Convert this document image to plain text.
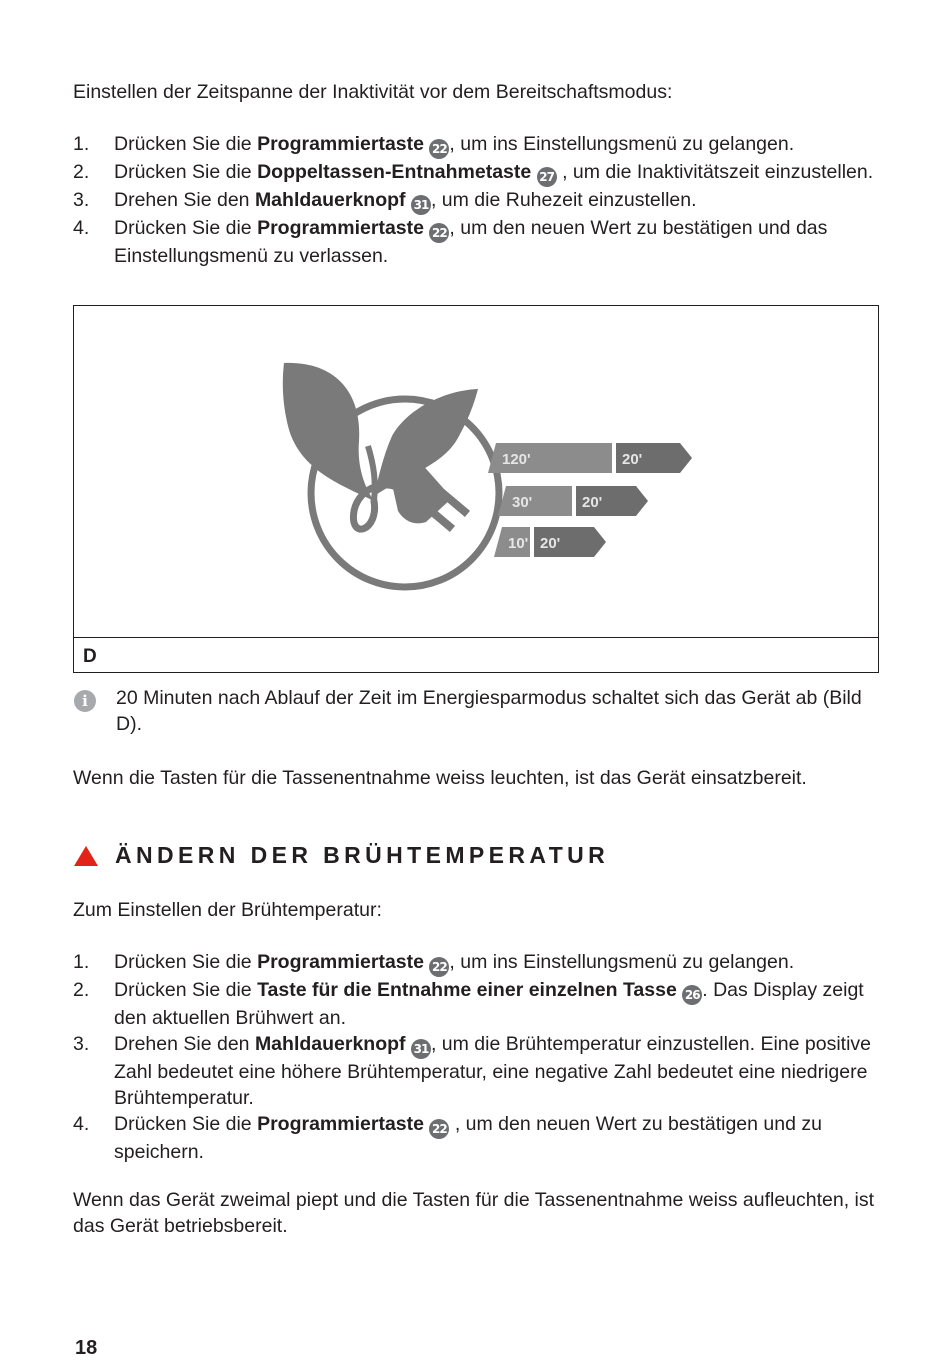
Einstellen der Zeitspanne der Inaktivität vor dem Bereitschaftsmodus:

1. Drücken Sie die Programmiertaste 22 , um ins Einstellungsmenü zu gelangen.
2. Drücken Sie die Doppeltassen-Entnahmetaste 27 , um die Inaktivitätszeit einzustellen.
3. Drehen Sie den Mahldauerknopf 31 , um die Ruhezeit einzustellen.
4. Drücken Sie die Programmiertaste 22 , um den neuen Wert zu bestätigen und das Einstellungsmenü zu verlassen.
120'	20'
30'	20'
10' 20'
D
i	20 Minuten nach Ablauf der Zeit im Energiesparmodus schaltet sich das Gerät ab (Bild D).

Wenn die Tasten für die Tassenentnahme weiss leuchten, ist das Gerät einsatzbereit.

ÄNDERN DER BRÜHTEMPERATUR

Zum Einstellen der Brühtemperatur:

1. Drücken Sie die Programmiertaste 22 , um ins Einstellungsmenü zu gelangen.
2. Drücken Sie die Taste für die Entnahme einer einzelnen Tasse 26 . Das Display zeigt den aktuellen Brühwert an.
3. Drehen Sie den Mahldauerknopf 31 , um die Brühtemperatur einzustellen. Eine positive Zahl bedeutet eine höhere Brühtemperatur, eine negative Zahl bedeutet eine niedrigere Brühtemperatur.
4. Drücken Sie die Programmiertaste 22 , um den neuen Wert zu bestätigen und zu speichern.

Wenn das Gerät zweimal piept und die Tasten für die Tassenentnahme weiss aufleuchten, ist das Gerät betriebsbereit.

18
